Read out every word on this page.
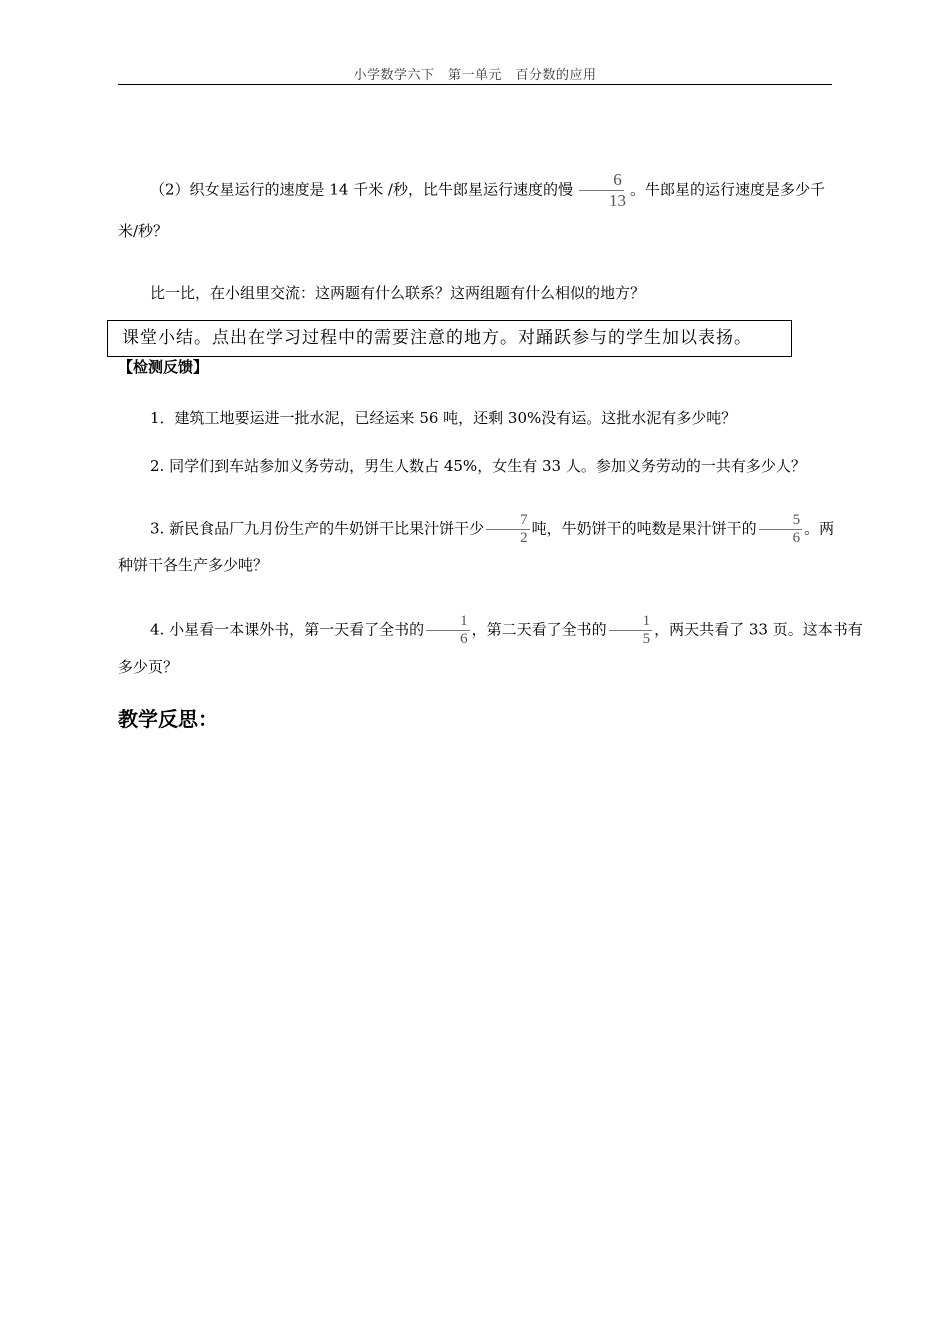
小学数学六下　第一单元　百分数的应用
（2）织女星运行的速度是 14 千米 /秒，比牛郎星运行速度的慢 $\frac{6}{13}$ 。牛郎星的运行速度是多少千
米/秒？
比一比，在小组里交流：这两题有什么联系？这两组题有什么相似的地方？
课堂小结。点出在学习过程中的需要注意的地方。对踊跃参与的学生加以表扬。
【检测反馈】
1．建筑工地要运进一批水泥，已经运来 56 吨，还剩 30%没有运。这批水泥有多少吨？
2. 同学们到车站参加义务劳动，男生人数占 45%，女生有 33 人。参加义务劳动的一共有多少人？
3. 新民食品厂九月份生产的牛奶饼干比果汁饼干少 $\frac{7}{2}$ 吨，牛奶饼干的吨数是果汁饼干的 $\frac{5}{6}$ 。两
种饼干各生产多少吨？
4. 小星看一本课外书，第一天看了全书的 $\frac{1}{6}$ ，第二天看了全书的 $\frac{1}{5}$ ，两天共看了 33 页。这本书有
多少页？
教学反思：
